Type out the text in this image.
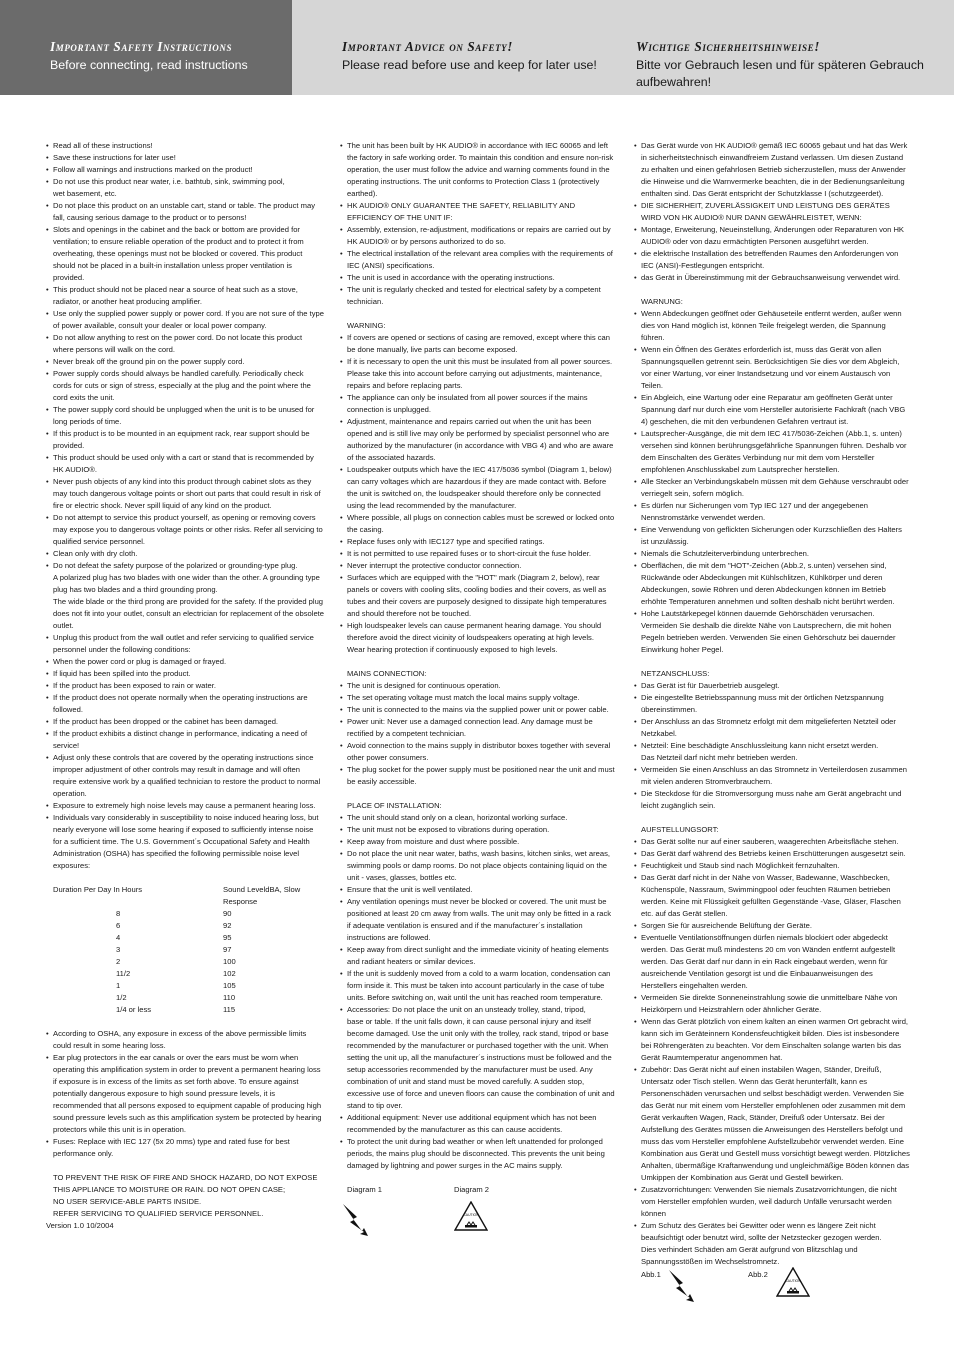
Important Safety Instructions
Before connecting, read instructions
Important Advice on Safety!
Please read before use and keep for later use!
Wichtige Sicherheitshinweise!
Bitte vor Gebrauch lesen und für späteren Gebrauch aufbewahren!
• Read all of these instructions!
• Save these instructions for later use!
• Follow all warnings and instructions marked on the product!
• Do not use this product near water, i.e. bathtub, sink, swimming pool,
wet basement, etc.
• Do not place this product on an unstable cart, stand or table. The product may fall, causing serious damage to the product or to persons!
• Slots and openings in the cabinet and the back or bottom are provided for ventilation; to ensure reliable operation of the product and to protect it from overheating, these openings must not be blocked or covered. This product should not be placed in a built-in installation unless proper ventilation is provided.
• This product should not be placed near a source of heat such as a stove, radiator, or another heat producing amplifier.
• Use only the supplied power supply or power cord. If you are not sure of the type of power available, consult your dealer or local power company.
• Do not allow anything to rest on the power cord. Do not locate this product where persons will walk on the cord.
• Never break off the ground pin on the power supply cord.
• Power supply cords should always be handled carefully. Periodically check cords for cuts or sign of stress, especially at the plug and the point where the cord exits the unit.
• The power supply cord should be unplugged when the unit is to be unused for long periods of time.
• If this product is to be mounted in an equipment rack, rear support should be provided.
• This product should be used only with a cart or stand that is recommended by HK AUDIO®.
• Never push objects of any kind into this product through cabinet slots as they may touch dangerous voltage points or short out parts that could result in risk of fire or electric shock. Never spill liquid of any kind on the product.
• Do not attempt to service this product yourself, as opening or removing covers may expose you to dangerous voltage points or other risks. Refer all servicing to qualified service personnel.
• Clean only with dry cloth.
• Do not defeat the safety purpose of the polarized or grounding-type plug.
A polarized plug has two blades with one wider than the other. A grounding type plug has two blades and a third grounding prong.
The wide blade or the third prong are provided for the safety. If the provided plug does not fit into your outlet, consult an electrician for replacement of the obsolete outlet.
• Unplug this product from the wall outlet and refer servicing to qualified service personnel under the following conditions:
• When the power cord or plug is damaged or frayed.
• If liquid has been spilled into the product.
• If the product has been exposed to rain or water.
• If the product does not operate normally when the operating instructions are followed.
• If the product has been dropped or the cabinet has been damaged.
• If the product exhibits a distinct change in performance, indicating a need of service!
• Adjust only these controls that are covered by the operating instructions since improper adjustment of other controls may result in damage and will often require extensive work by a qualified technician to restore the product to normal operation.
• Exposure to extremely high noise levels may cause a permanent hearing loss.
• Individuals vary considerably in susceptibility to noise induced hearing loss, but nearly everyone will lose some hearing if exposed to sufficiently intense noise for a sufficient time. The U.S. Government´s Occupational Safety and Health Administration (OSHA) has specified the following permissible noise level exposures:
Duration Per Day In Hours	Sound LeveldBA, Slow Response
8	90
6	92
4	95
3	97
2	100
11/2	102
1	105
1/2	110
1/4 or less	115
• According to OSHA, any exposure in excess of the above permissible limits could result in some hearing loss.
• Ear plug protectors in the ear canals or over the ears must be worn when operating this amplification system in order to prevent a permanent hearing loss if exposure is in excess of the limits as set forth above. To ensure against potentially dangerous exposure to high sound pressure levels, it is recommended that all persons exposed to equipment capable of producing high sound pressure levels such as this amplification system be protected by hearing protectors while this unit is in operation.
• Fuses: Replace with IEC 127 (5x 20 mms) type and rated fuse for best performance only.
TO PREVENT THE RISK OF FIRE AND SHOCK HAZARD, DO NOT EXPOSE
THIS APPLIANCE TO MOISTURE OR RAIN. DO NOT OPEN CASE;
NO USER SERVICE-ABLE PARTS INSIDE.
REFER SERVICING TO QUALIFIED SERVICE PERSONNEL.
Version 1.0 10/2004
• The unit has been built by HK AUDIO® in accordance with IEC 60065 and left the factory in safe working order. To maintain this condition and ensure non-risk operation, the user must follow the advice and warning comments found in the operating instructions. The unit conforms to Protection Class 1 (protectively earthed).
• HK AUDIO® ONLY GUARANTEE THE SAFETY, RELIABILITY AND EFFICIENCY OF THE UNIT IF:
• Assembly, extension, re-adjustment, modifications or repairs are carried out by HK AUDIO® or by persons authorized to do so.
• The electrical installation of the relevant area complies with the requirements of IEC (ANSI) specifications.
• The unit is used in accordance with the operating instructions.
• The unit is regularly checked and tested for electrical safety by a competent technician.
WARNING:
• If covers are opened or sections of casing are removed, except where this can be done manually, live parts can become exposed.
• If it is necessary to open the unit this must be insulated from all power sources. Please take this into account before carrying out adjustments, maintenance, repairs and before replacing parts.
• The appliance can only be insulated from all power sources if the mains connection is unplugged.
• Adjustment, maintenance and repairs carried out when the unit has been opened and is still live may only be performed by specialist personnel who are authorized by the manufacturer (in accordance with VBG 4) and who are aware of the associated hazards.
• Loudspeaker outputs which have the IEC 417/5036 symbol (Diagram 1, below) can carry voltages which are hazardous if they are made contact with. Before the unit is switched on, the loudspeaker should therefore only be connected using the lead recommended by the manufacturer.
• Where possible, all plugs on connection cables must be screwed or locked onto the casing.
• Replace fuses only with IEC127 type and specified ratings.
• It is not permitted to use repaired fuses or to short-circuit the fuse holder.
• Never interrupt the protective conductor connection.
• Surfaces which are equipped with the "HOT" mark (Diagram 2, below), rear panels or covers with cooling slits, cooling bodies and their covers, as well as tubes and their covers are purposely designed to dissipate high temperatures and should therefore not be touched.
• High loudspeaker levels can cause permanent hearing damage. You should therefore avoid the direct vicinity of loudspeakers operating at high levels.
Wear hearing protection if continuously exposed to high levels.
MAINS CONNECTION:
• The unit is designed for continuous operation.
• The set operating voltage must match the local mains supply voltage.
• The unit is connected to the mains via the supplied power unit or power cable.
• Power unit: Never use a damaged connection lead. Any damage must be rectified by a competent technician.
• Avoid connection to the mains supply in distributor boxes together with several other power consumers.
• The plug socket for the power supply must be positioned near the unit and must be easily accessible.
PLACE OF INSTALLATION:
• The unit should stand only on a clean, horizontal working surface.
• The unit must not be exposed to vibrations during operation.
• Keep away from moisture and dust where possible.
• Do not place the unit near water, baths, wash basins, kitchen sinks, wet areas, swimming pools or damp rooms. Do not place objects containing liquid on the unit - vases, glasses, bottles etc.
• Ensure that the unit is well ventilated.
• Any ventilation openings must never be blocked or covered. The unit must be positioned at least 20 cm away from walls. The unit may only be fitted in a rack if adequate ventilation is ensured and if the manufacturer´s installation instructions are followed.
• Keep away from direct sunlight and the immediate vicinity of heating elements and radiant heaters or similar devices.
• If the unit is suddenly moved from a cold to a warm location, condensation can form inside it. This must be taken into account particularly in the case of tube units. Before switching on, wait until the unit has reached room temperature.
• Accessories: Do not place the unit on an unsteady trolley, stand, tripod,
base or table. If the unit falls down, it can cause personal injury and itself become damaged. Use the unit only with the trolley, rack stand, tripod or base recommended by the manufacturer or purchased together with the unit. When setting the unit up, all the manufacturer´s instructions must be followed and the setup accessories recommended by the manufacturer must be used. Any combination of unit and stand must be moved carefully. A sudden stop, excessive use of force and uneven floors can cause the combination of unit and stand to tip over.
• Additional equipment: Never use additional equipment which has not been recommended by the manufacturer as this can cause accidents.
• To protect the unit during bad weather or when left unattended for prolonged periods, the mains plug should be disconnected. This prevents the unit being damaged by lightning and power surges in the AC mains supply.
Diagram 1	Diagram 2
CAUTION
• Das Gerät wurde von HK AUDIO® gemäß IEC 60065 gebaut und hat das Werk in sicherheitstechnisch einwandfreiem Zustand verlassen. Um diesen Zustand zu erhalten und einen gefahrlosen Betrieb sicherzustellen, muss der Anwender die Hinweise und die Warnvermerke beachten, die in der Bedienungsanleitung enthalten sind. Das Gerät entspricht der Schutzklasse I (schutzgeerdet).
• DIE SICHERHEIT, ZUVERLÄSSIGKEIT UND LEISTUNG DES GERÄTES WIRD VON HK AUDIO® NUR DANN GEWÄHRLEISTET, WENN:
• Montage, Erweiterung, Neueinstellung, Änderungen oder Reparaturen von HK AUDIO® oder von dazu ermächtigten Personen ausgeführt werden.
• die elektrische Installation des betreffenden Raumes den Anforderungen von IEC (ANSI)-Festlegungen entspricht.
• das Gerät in Übereinstimmung mit der Gebrauchsanweisung verwendet wird.
WARNUNG:
• Wenn Abdeckungen geöffnet oder Gehäuseteile entfernt werden, außer wenn dies von Hand möglich ist, können Teile freigelegt werden, die Spannung führen.
• Wenn ein Öffnen des Gerätes erforderlich ist, muss das Gerät von allen Spannungsquellen getrennt sein. Berücksichtigen Sie dies vor dem Abgleich, vor einer Wartung, vor einer Instandsetzung und vor einem Austausch von Teilen.
• Ein Abgleich, eine Wartung oder eine Reparatur am geöffneten Gerät unter Spannung darf nur durch eine vom Hersteller autorisierte Fachkraft (nach VBG 4) geschehen, die mit den verbundenen Gefahren vertraut ist.
• Lautsprecher-Ausgänge, die mit dem IEC 417/5036-Zeichen (Abb.1, s. unten) versehen sind können berührungsgefährliche Spannungen führen. Deshalb vor dem Einschalten des Gerätes Verbindung nur mit dem vom Hersteller empfohlenen Anschlusskabel zum Lautsprecher herstellen.
• Alle Stecker an Verbindungskabeln müssen mit dem Gehäuse verschraubt oder verriegelt sein, sofern möglich.
• Es dürfen nur Sicherungen vom Typ IEC 127 und der angegebenen Nennstromstärke verwendet werden.
• Eine Verwendung von geflickten Sicherungen oder Kurzschließen des Halters ist unzulässig.
• Niemals die Schutzleiterverbindung unterbrechen.
• Oberflächen, die mit dem "HOT"-Zeichen (Abb.2, s.unten) versehen sind, Rückwände oder Abdeckungen mit Kühlschlitzen, Kühlkörper und deren Abdeckungen, sowie Röhren und deren Abdeckungen können im Betrieb erhöhte Temperaturen annehmen und sollten deshalb nicht berührt werden.
• Hohe Lautstärkepegel können dauernde Gehörschäden verursachen. Vermeiden Sie deshalb die direkte Nähe von Lautsprechern, die mit hohen Pegeln betrieben werden. Verwenden Sie einen Gehörschutz bei dauernder Einwirkung hoher Pegel.
NETZANSCHLUSS:
• Das Gerät ist für Dauerbetrieb ausgelegt.
• Die eingestellte Betriebsspannung muss mit der örtlichen Netzspannung übereinstimmen.
• Der Anschluss an das Stromnetz erfolgt mit dem mitgelieferten Netzteil oder Netzkabel.
• Netzteil: Eine beschädigte Anschlussleitung kann nicht ersetzt werden.
Das Netzteil darf nicht mehr betrieben werden.
• Vermeiden Sie einen Anschluss an das Stromnetz in Verteilerdosen zusammen mit vielen anderen Stromverbrauchern.
• Die Steckdose für die Stromversorgung muss nahe am Gerät angebracht und leicht zugänglich sein.
AUFSTELLUNGSORT:
• Das Gerät sollte nur auf einer sauberen, waagerechten Arbeitsfläche stehen.
• Das Gerät darf während des Betriebs keinen Erschütterungen ausgesetzt sein.
• Feuchtigkeit und Staub sind nach Möglichkeit fernzuhalten.
• Das Gerät darf nicht in der Nähe von Wasser, Badewanne, Waschbecken, Küchenspüle, Nassraum, Swimmingpool oder feuchten Räumen betrieben werden. Keine mit Flüssigkeit gefüllten Gegenstände -Vase, Gläser, Flaschen etc. auf das Gerät stellen.
• Sorgen Sie für ausreichende Belüftung der Geräte.
• Eventuelle Ventilationsöffnungen dürfen niemals blockiert oder abgedeckt werden. Das Gerät muß mindestens 20 cm von Wänden entfernt aufgestellt werden. Das Gerät darf nur dann in ein Rack eingebaut werden, wenn für ausreichende Ventilation gesorgt ist und die Einbauanweisungen des Herstellers eingehalten werden.
• Vermeiden Sie direkte Sonneneinstrahlung sowie die unmittelbare Nähe von Heizkörpern und Heizstrahlern oder ähnlicher Geräte.
• Wenn das Gerät plötzlich von einem kalten an einen warmen Ort gebracht wird, kann sich im Geräteinnern Kondensfeuchtigkeit bilden. Dies ist insbesondere bei Röhrengeräten zu beachten. Vor dem Einschalten solange warten bis das Gerät Raumtemperatur angenommen hat.
• Zubehör: Das Gerät nicht auf einen instabilen Wagen, Ständer, Dreifuß, Untersatz oder Tisch stellen. Wenn das Gerät herunterfällt, kann es Personenschäden verursachen und selbst beschädigt werden. Verwenden Sie das Gerät nur mit einem vom Hersteller empfohlenen oder zusammen mit dem Gerät verkauften Wagen, Rack, Ständer, Dreifuß oder Untersatz. Bei der Aufstellung des Gerätes müssen die Anweisungen des Herstellers befolgt und muss das vom Hersteller empfohlene Aufstellzubehör verwendet werden. Eine Kombination aus Gerät und Gestell muss vorsichtigt bewegt werden. Plötzliches Anhalten, übermäßige Kraftanwendung und ungleichmäßige Böden können das Umkippen der Kombination aus Gerät und Gestell bewirken.
• Zusatzvorrichtungen: Verwenden Sie niemals Zusatzvorrichtungen, die nicht vom Hersteller empfohlen wurden, weil dadurch Unfälle verursacht werden können
• Zum Schutz des Gerätes bei Gewitter oder wenn es längere Zeit nicht beaufsichtigt oder benutzt wird, sollte der Netzstecker gezogen werden.
Dies verhindert Schäden am Gerät aufgrund von Blitzschlag und Spannungsstößen im Wechselstromnetz.
Abb.1	Abb.2
CAUTION
